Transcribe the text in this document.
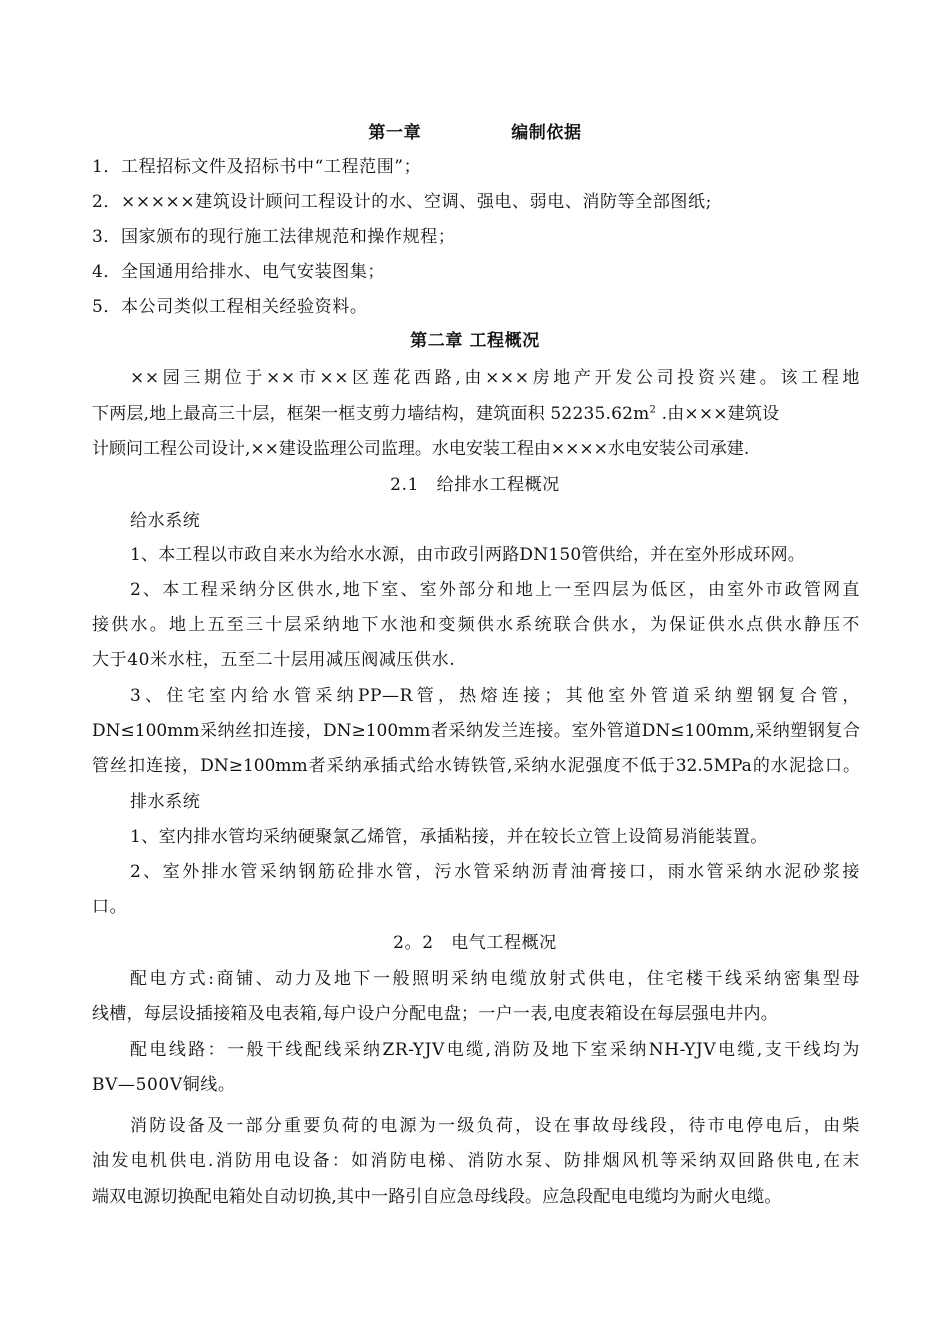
第一章	编制依据
1．工程招标文件及招标书中“工程范围”；
2．×××××建筑设计顾问工程设计的水、空调、强电、弱电、消防等全部图纸;
3．国家颁布的现行施工法律规范和操作规程；
4．全国通用给排水、电气安装图集；
5．本公司类似工程相关经验资料。
第二章 工程概况
××园三期位于××市××区莲花西路,由×××房地产开发公司投资兴建。该工程地
下两层,地上最高三十层，框架一框支剪力墙结构，建筑面积 $52235.62m^2$ .由×××建筑设
计顾问工程公司设计,××建设监理公司监理。水电安装工程由××××水电安装公司承建.
2.1　给排水工程概况
给水系统
1、本工程以市政自来水为给水水源，由市政引两路DN150管供给，并在室外形成环网。
2、本工程采纳分区供水,地下室、室外部分和地上一至四层为低区，由室外市政管网直
接供水。地上五至三十层采纳地下水池和变频供水系统联合供水，为保证供水点供水静压不
大于40米水柱，五至二十层用减压阀减压供水.
3、住宅室内给水管采纳PP—R管，热熔连接；其他室外管道采纳塑钢复合管，
DN≤100mm采纳丝扣连接，DN≥100mm者采纳发兰连接。室外管道DN≤100mm,采纳塑钢复合
管丝扣连接，DN≥100mm者采纳承插式给水铸铁管,采纳水泥强度不低于32.5MPa的水泥捻口。
排水系统
1、室内排水管均采纳硬聚氯乙烯管，承插粘接，并在较长立管上设简易消能装置。
2、室外排水管采纳钢筋砼排水管，污水管采纳沥青油膏接口，雨水管采纳水泥砂浆接
口。
2。2　电气工程概况
配电方式:商铺、动力及地下一般照明采纳电缆放射式供电，住宅楼干线采纳密集型母
线槽，每层设插接箱及电表箱,每户设户分配电盘；一户一表,电度表箱设在每层强电井内。
配电线路：一般干线配线采纳ZR-YJV电缆,消防及地下室采纳NH-YJV电缆,支干线均为
BV—500V铜线。
消防设备及一部分重要负荷的电源为一级负荷，设在事故母线段，待市电停电后，由柴
油发电机供电.消防用电设备：如消防电梯、消防水泵、防排烟风机等采纳双回路供电,在末
端双电源切换配电箱处自动切换,其中一路引自应急母线段。应急段配电电缆均为耐火电缆。
